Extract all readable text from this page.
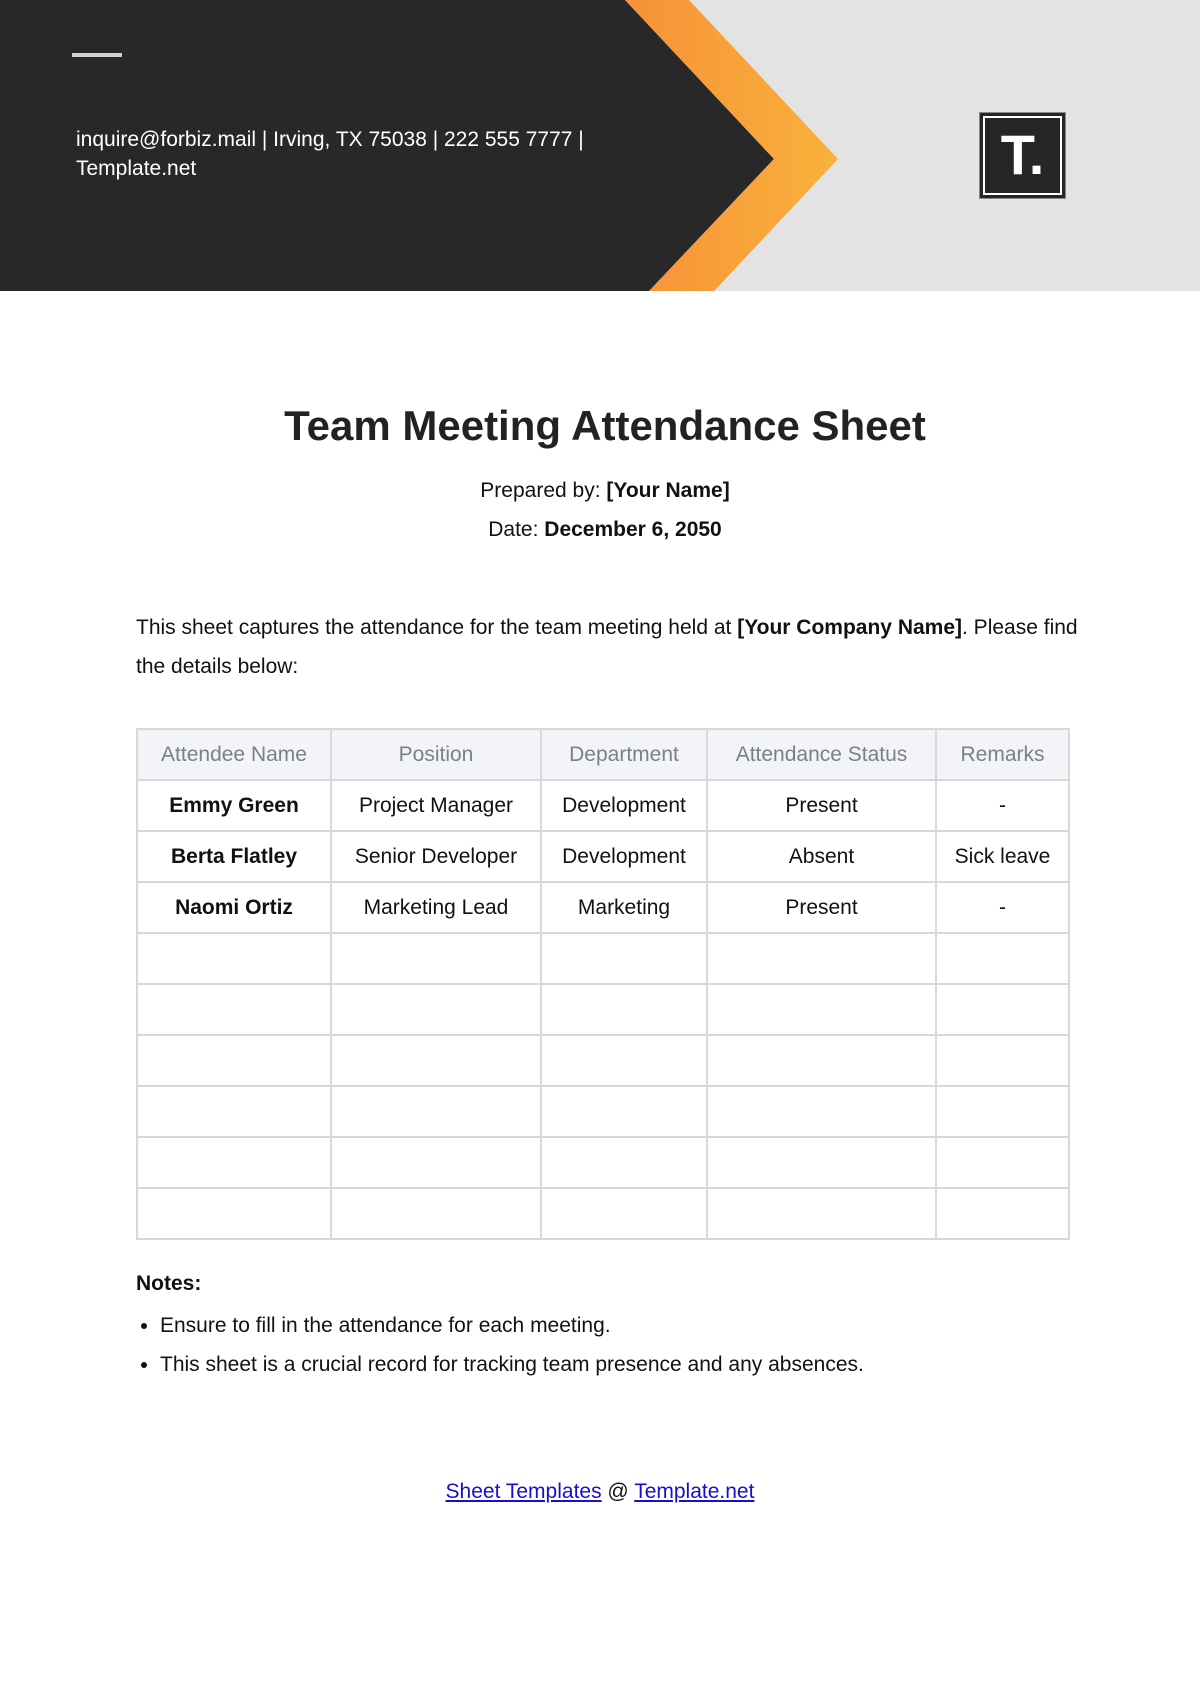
inquire@forbiz.mail | Irving, TX 75038 | 222 555 7777 |
Template.net	T.
Team Meeting Attendance Sheet
Prepared by: [Your Name]
Date: December 6, 2050
This sheet captures the attendance for the team meeting held at [Your Company Name]. Please find the details below:
Attendee Name	Position	Department	Attendance Status	Remarks
Emmy Green	Project Manager	Development	Present	-
Berta Flatley	Senior Developer	Development	Absent	Sick leave
Naomi Ortiz	Marketing Lead	Marketing	Present	-

Notes:
• Ensure to fill in the attendance for each meeting.
• This sheet is a crucial record for tracking team presence and any absences.
Sheet Templates @ Template.net
